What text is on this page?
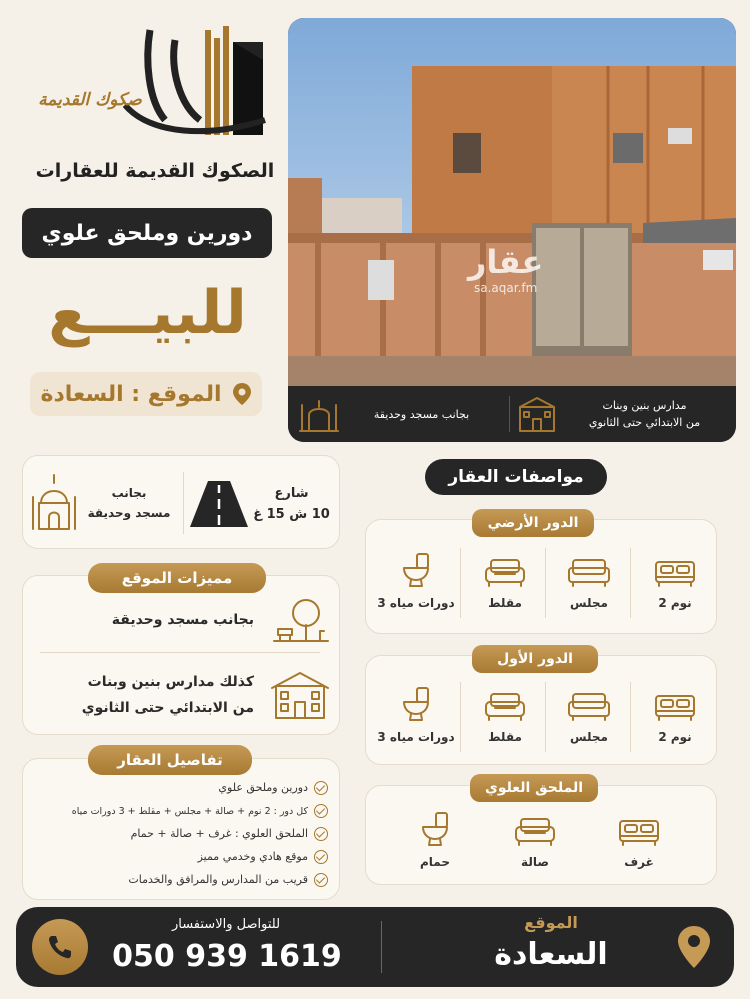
صكوك القديمة
الصكوك القديمة للعقارات
دورين وملحق علوي
للبيـــع
الموقع : السعادة
عقار
sa.aqar.fm
مدارس بنين وبنات
من الابتدائي حتى الثانوي
بجانب مسجد وحديقة
شارع
10 ش 15 غ
بجانب
مسجد وحديقة
مميزات الموقع
بجانب مسجد وحديقة
كذلك مدارس بنين وبنات
من الابتدائي حتى الثانوي
تفاصيل العقار
دورين وملحق علوي
كل دور : 2 نوم + صالة + مجلس + مقلط + 3 دورات مياه
الملحق العلوي : غرف + صالة + حمام
موقع هادي وخدمي مميز
قريب من المدارس والمرافق والخدمات
مواصفات العقار
الدور الأرضي
2 نوم
مجلس
مقلط
3 دورات مياه
الدور الأول
2 نوم
مجلس
مقلط
3 دورات مياه
الملحق العلوي
غرف
صالة
حمام
للتواصل والاستفسار
050 939 1619
الموقع
السعادة
